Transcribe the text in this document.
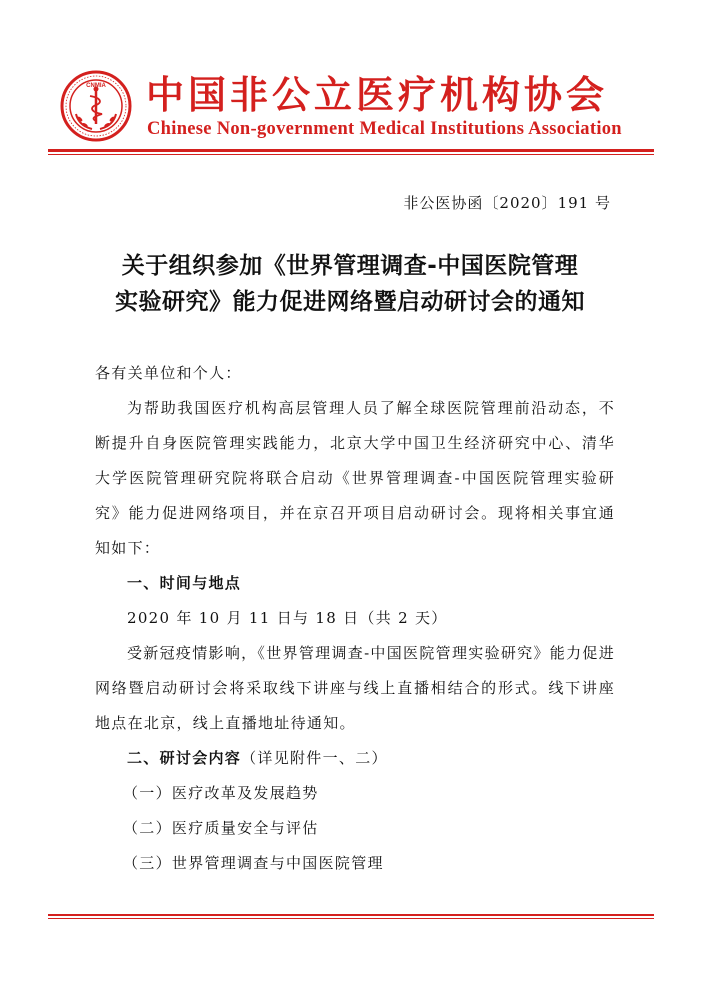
CNMIA 中国非公立医疗机构协会
Chinese Non-government Medical Institutions Association
非公医协函〔2020〕191 号
关于组织参加《世界管理调查-中国医院管理
实验研究》能力促进网络暨启动研讨会的通知

各有关单位和个人：

为帮助我国医疗机构高层管理人员了解全球医院管理前沿动态，不断提升自身医院管理实践能力，北京大学中国卫生经济研究中心、清华大学医院管理研究院将联合启动《世界管理调查-中国医院管理实验研究》能力促进网络项目，并在京召开项目启动研讨会。现将相关事宜通知如下：

一、时间与地点

2020 年 10 月 11 日与 18 日（共 2 天）

受新冠疫情影响，《世界管理调查-中国医院管理实验研究》能力促进网络暨启动研讨会将采取线下讲座与线上直播相结合的形式。线下讲座地点在北京，线上直播地址待通知。

二、研讨会内容（详见附件一、二）

（一）医疗改革及发展趋势

（二）医疗质量安全与评估

（三）世界管理调查与中国医院管理
